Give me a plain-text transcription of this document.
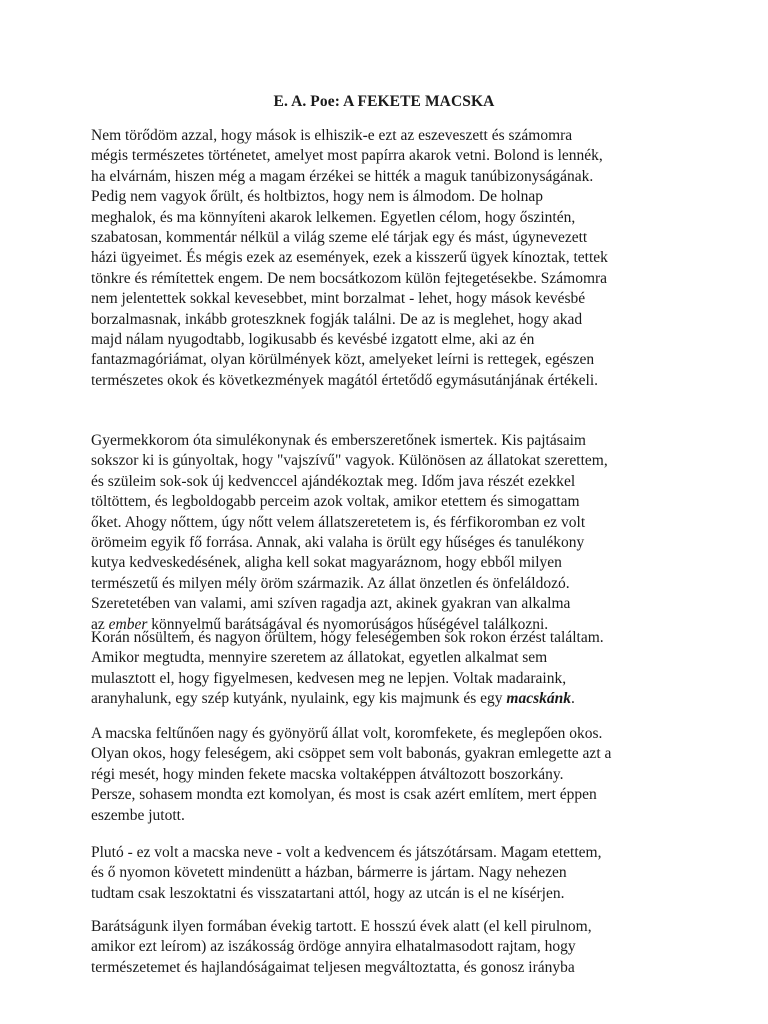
E. A. Poe: A FEKETE MACSKA
Nem törődöm azzal, hogy mások is elhiszik-e ezt az eszeveszett és számomra
mégis természetes történetet, amelyet most papírra akarok vetni. Bolond is lennék,
ha elvárnám, hiszen még a magam érzékei se hitték a maguk tanúbizonyságának.
Pedig nem vagyok őrült, és holtbiztos, hogy nem is álmodom. De holnap
meghalok, és ma könnyíteni akarok lelkemen. Egyetlen célom, hogy őszintén,
szabatosan, kommentár nélkül a világ szeme elé tárjak egy és mást, úgynevezett
házi ügyeimet. És mégis ezek az események, ezek a kisszerű ügyek kínoztak, tettek
tönkre és rémítettek engem. De nem bocsátkozom külön fejtegetésekbe. Számomra
nem jelentettek sokkal kevesebbet, mint borzalmat - lehet, hogy mások kevésbé
borzalmasnak, inkább groteszknek fogják találni. De az is meglehet, hogy akad
majd nálam nyugodtabb, logikusabb és kevésbé izgatott elme, aki az én
fantazmagóriámat, olyan körülmények közt, amelyeket leírni is rettegek, egészen
természetes okok és következmények magától értetődő egymásutánjának értékeli.
Gyermekkorom óta simulékonynak és emberszeretőnek ismertek. Kis pajtásaim
sokszor ki is gúnyoltak, hogy "vajszívű" vagyok. Különösen az állatokat szerettem,
és szüleim sok-sok új kedvenccel ajándékoztak meg. Időm java részét ezekkel
töltöttem, és legboldogabb perceim azok voltak, amikor etettem és simogattam
őket. Ahogy nőttem, úgy nőtt velem állatszeretetem is, és férfikoromban ez volt
örömeim egyik fő forrása. Annak, aki valaha is örült egy hűséges és tanulékony
kutya kedveskedésének, aligha kell sokat magyaráznom, hogy ebből milyen
természetű és milyen mély öröm származik. Az állat önzetlen és önfeláldozó.
Szeretetében van valami, ami szíven ragadja azt, akinek gyakran van alkalma
az ember könnyelmű barátságával és nyomorúságos hűségével találkozni.
Korán nősültem, és nagyon örültem, hogy feleségemben sok rokon érzést találtam.
Amikor megtudta, mennyire szeretem az állatokat, egyetlen alkalmat sem
mulasztott el, hogy figyelmesen, kedvesen meg ne lepjen. Voltak madaraink,
aranyhalunk, egy szép kutyánk, nyulaink, egy kis majmunk és egy macskánk.
A macska feltűnően nagy és gyönyörű állat volt, koromfekete, és meglepően okos.
Olyan okos, hogy feleségem, aki csöppet sem volt babonás, gyakran emlegette azt a
régi mesét, hogy minden fekete macska voltaképpen átváltozott boszorkány.
Persze, sohasem mondta ezt komolyan, és most is csak azért említem, mert éppen
eszembe jutott.
Plutó - ez volt a macska neve - volt a kedvencem és játszótársam. Magam etettem,
és ő nyomon követett mindenütt a házban, bármerre is jártam. Nagy nehezen
tudtam csak leszoktatni és visszatartani attól, hogy az utcán is el ne kísérjen.
Barátságunk ilyen formában évekig tartott. E hosszú évek alatt (el kell pirulnom,
amikor ezt leírom) az iszákosság ördöge annyira elhatalmasodott rajtam, hogy
természetemet és hajlandóságaimat teljesen megváltoztatta, és gonosz irányba
